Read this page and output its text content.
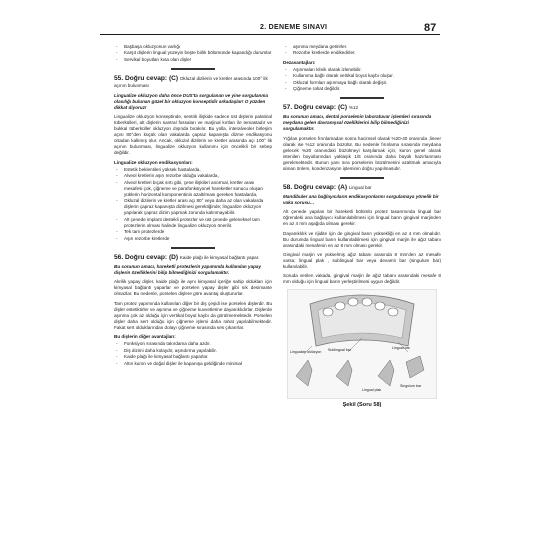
2. DENEME SINAVI	87
- Başbaşa okluzyonun varlığı
- Karşıt dişlerin lingual yüzeyin beşte birlik bölümünde kapandığı durumlar
- Servikal boyutları kısa olan dişler
55. Doğru cevap: (C) Okluzal dizilerin ve kretler arasında 100° lik açının bulunması
Lingualize okluzyon daha önce DUS'ta sorgulanan ve yine sorgulanma olasılığı bulunan güzel bir okluzyon konseptidir arkadaşlar! O yüzden dikkat diyoruz!
Lingualize okluzyon konseptinde, sentrik ilişkide sadece üst dişlerin palatinal tüberkülleri, alt dişlerin santral fossaları ve marjinal kırtları ile temastadır ve bukkal tüberküller okluzyon dışında bırakılır. Bu yolla, interalveoler birleşim açısı 80°den küçük olan vakalarda çapraz kapanışta dizme endikasyonu ortadan kalkmış olur. Ancak, okluzal dizilerin ve kretler arasında açı 100° lik açının bulunması, lingualize okluzyon kullanımı için öncelikli bir sebep değildir.
Lingualize okluzyon endikasyonları:
- Estetik beklentileri yüksek hastalarda,
- Alveol kretlerin aşırı rezorbe olduğu vakalarda,
- Alveol kretleri bıçak sırtı gibi, çene ilişkileri anormal, kretler arası mesafesi çok, çiğneme ve parafonksiyonel hareketler sonucu oluşan yüklerin horizontal komponentinin azaltılması gereken hastalarda,
- Okluzal dizilerin ve kretler arası açı 80° veya daha az olan vakalarda dişlerin çapraz kapanışta dizilmesi gerektiğinde; lingualize okluzyon yapılarak çapraz dizim yapmak zorunda kalınmayabilir.
- Alt çenede implant destekli protezler ve üst çenede geleneksel tam protezlerin olması halinde lingualize okluzyon önerilir.
- Tek tam protezlerde
- Aşırı rezorbe kretlerde
56. Doğru cevap: (D) Kaide plağı ile kimyasal bağlantı yapar.
Bu sorunun amacı, hareketli protezlerin yapımında kullanılan yapay dişlerin özelliklerini bilip bilmediğinizi sorgulamaktır.
Akrilik yapay dişler, kaide plağı ile aynı kimyasal içeriğe sahip oldukları için kimyasal bağlantı yaparlar ve porselen yapay dişler gibi sık desimante olmazlar. Bu nedenle, porselen dişlere göre avantaj oluştururlar.
Tam protez yapımında kullanılan diğer bir diş çeşidi ise porselen dişlerdir. Bu dişler estetiktirler ve aşınma ve çiğneme kuvvetlerine dayanıklıdırlar. Dişlerde aşınma çok az olduğu için vertikal boyut kaybı da görülmemektedir. Porselen dişler daha sert olduğu için çiğneme işlemi daha rahat yapılabilmektedir. Fakat sert olduklarından dolayı çiğneme sırasında ses çıkarırlar.
Bu dişlerin diğer avantajları:
- Fonksiyon sırasında takırdama daha azdır.
- Diş dizimi daha kolaydır, aşındırma yapılabilir.
- Kaide plağı ile kimyasal bağlantı yaparlar.
- Altın kuron ve doğal dişler ile kapanışa geldiğinde minimal
- aşınma meydana getirirler.
- Rezorbe kretlerde endikedirler.
Dezavantajları:
- Aşınmaları klinik olarak izlenebilir.
- Kullanıma bağlı olarak vertikal boyut kaybı oluşur.
- Okluzal formları aşınmaya bağlı olarak değişir.
- Çiğneme rahat değildir.
57. Doğru cevap: (C) %12
Bu sorunun amacı, dental porselenin laboratuvar işlemleri sırasında meydana gelen davranışsal özelliklerini bilip bilmediğinizi sorgulamaktır.
Yığılan porselen fırınlamadan sonra hacimsel olarak %20-40 oranında ,lineer olarak ise %12 oranında büzülür. Bu nedenle fırınlama sırasında meydana gelecek %20 oranındaki büzülmeyi karşılamak için, kuron genel olarak istenilen boyutlarından yaklaşık 1/5 oranında daha büyük hazırlanması gerekmektedir. Bunun yanı sıra porselenin büzülmesini azaltmak amacıyla alınan önlem, kondenzasyon işleminin doğru yapılmasıdır.
58. Doğru cevap: (A) Lingual bar
Mandibuler ana bağlayıcıların endikasyonlarını sorgulamaya yönelik bir vaka sorusu…
Alt çenede yapılan bir hareketli bölümlü protez tasarımında lingual bar öğrendeki ana bağlayıcı kullanılabilmesi için lingual barın gingival marjinden en az 4 mm aşağıda olması gerekir.
Dayanıklılık ve rijidite için de gingival barın yüksekliği en az 4 mm olmalıdır. Bu durumda lingual barın kullanılabilmesi için gingival marjin ile ağız tabanı arasındaki mesafenin en az 8 mm olması gerekir.
Gingival marjin ve yükselmiş ağız tabanı arasında 8 mm'den az mesafe varsa; lingual plak , sublingual bar veya devamlı bar (singulum bar) kullanılabilir.
Soruda verilen vakada, gingival marjin ile ağız tabanı arasındaki mesafe 8 mm olduğu için lingual barın yerleştirilmesi uygun değildir.
Lingualize oklüzyon	Sublingual bar	Lingual bar
Lingual plak
Singulum bar
Şekil (Soru 58)
